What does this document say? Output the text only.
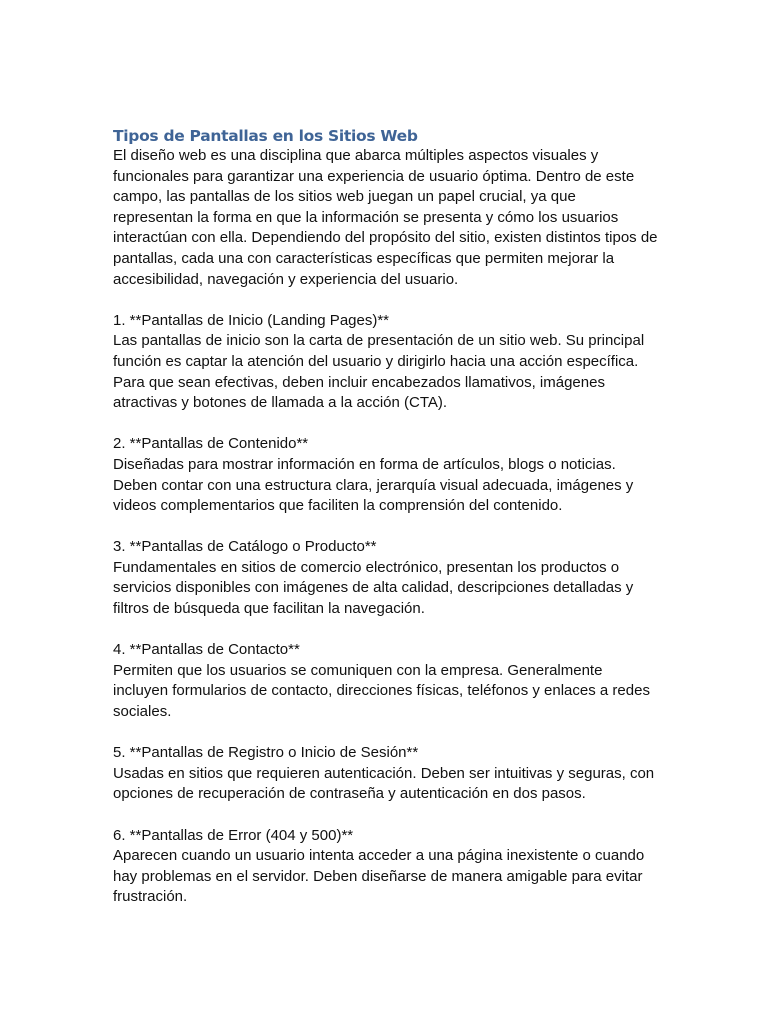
Tipos de Pantallas en los Sitios Web

El diseño web es una disciplina que abarca múltiples aspectos visuales y funcionales para garantizar una experiencia de usuario óptima. Dentro de este campo, las pantallas de los sitios web juegan un papel crucial, ya que representan la forma en que la información se presenta y cómo los usuarios interactúan con ella. Dependiendo del propósito del sitio, existen distintos tipos de pantallas, cada una con características específicas que permiten mejorar la accesibilidad, navegación y experiencia del usuario.

1. **Pantallas de Inicio (Landing Pages)**

Las pantallas de inicio son la carta de presentación de un sitio web. Su principal función es captar la atención del usuario y dirigirlo hacia una acción específica. Para que sean efectivas, deben incluir encabezados llamativos, imágenes atractivas y botones de llamada a la acción (CTA).

2. **Pantallas de Contenido**

Diseñadas para mostrar información en forma de artículos, blogs o noticias. Deben contar con una estructura clara, jerarquía visual adecuada, imágenes y videos complementarios que faciliten la comprensión del contenido.

3. **Pantallas de Catálogo o Producto**

Fundamentales en sitios de comercio electrónico, presentan los productos o servicios disponibles con imágenes de alta calidad, descripciones detalladas y filtros de búsqueda que facilitan la navegación.

4. **Pantallas de Contacto**

Permiten que los usuarios se comuniquen con la empresa. Generalmente incluyen formularios de contacto, direcciones físicas, teléfonos y enlaces a redes sociales.

5. **Pantallas de Registro o Inicio de Sesión**

Usadas en sitios que requieren autenticación. Deben ser intuitivas y seguras, con opciones de recuperación de contraseña y autenticación en dos pasos.

6. **Pantallas de Error (404 y 500)**

Aparecen cuando un usuario intenta acceder a una página inexistente o cuando hay problemas en el servidor. Deben diseñarse de manera amigable para evitar frustración.
